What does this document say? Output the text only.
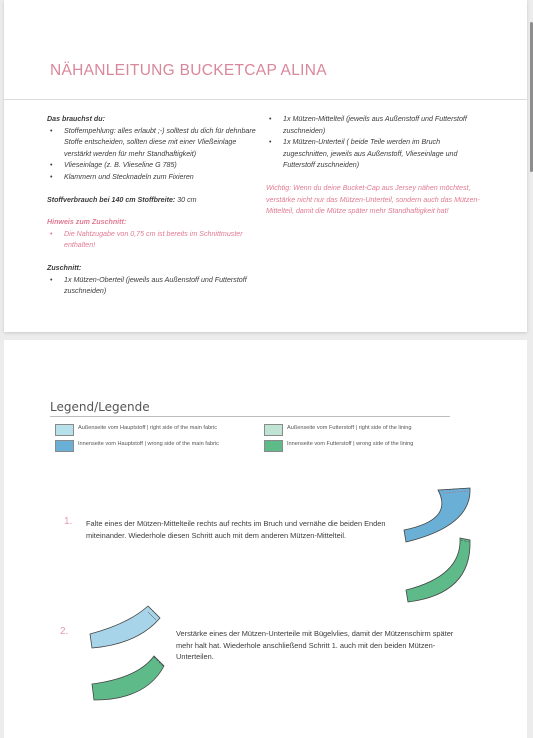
NÄHANLEITUNG BUCKETCAP ALINA
Das brauchst du:
• Stoffempehlung: alles erlaubt ;-) solltest du dich für dehnbare Stoffe entscheiden, sollten diese mit einer Vließeinlage verstärkt werden für mehr Standhaftigkeit)
• Vlieseinlage (z. B. Vlieseline G 785)
• Klammern und Stecknadeln zum Fixieren
Stoffverbrauch bei 140 cm Stoffbreite: 30 cm
Hinweis zum Zuschnitt:
• Die Nahtzugabe von 0,75 cm ist bereits im Schnittmuster enthalten!
Zuschnitt:
• 1x Mützen-Oberteil (jeweils aus Außenstoff und Futterstoff zuschneiden)
• 1x Mützen-Mittelteil (jeweils aus Außenstoff und Futterstoff zuschneiden)
• 1x Mützen-Unterteil ( beide Teile werden im Bruch zugeschnitten, jeweils aus Außenstoff, Vlieseinlage und Futterstoff zuschneiden)
Wichtig: Wenn du deine Bucket-Cap aus Jersey nähen möchtest, verstärke nicht nur das Mützen-Unterteil, sondern auch das Mützen-Mittelteil, damit die Mütze später mehr Standhaftigkeit hat!
Legend/Legende
Außenseite vom Hauptstoff | right side of the main fabric
Innenseite vom Hauptstoff | wrong side of the main fabric
Außenseite vom Futterstoff | right side of the lining
Innenseite vom Futterstoff | wrong side of the lining
1. Falte eines der Mützen-Mittelteile rechts auf rechts im Bruch und vernähe die beiden Enden miteinander. Wiederhole diesen Schritt auch mit dem anderen Mützen-Mittelteil.
2.	Verstärke eines der Mützen-Unterteile mit Bügelvlies, damit der Mützenschirm später mehr halt hat. Wiederhole anschließend Schritt 1. auch mit den beiden Mützen-Unterteilen.
